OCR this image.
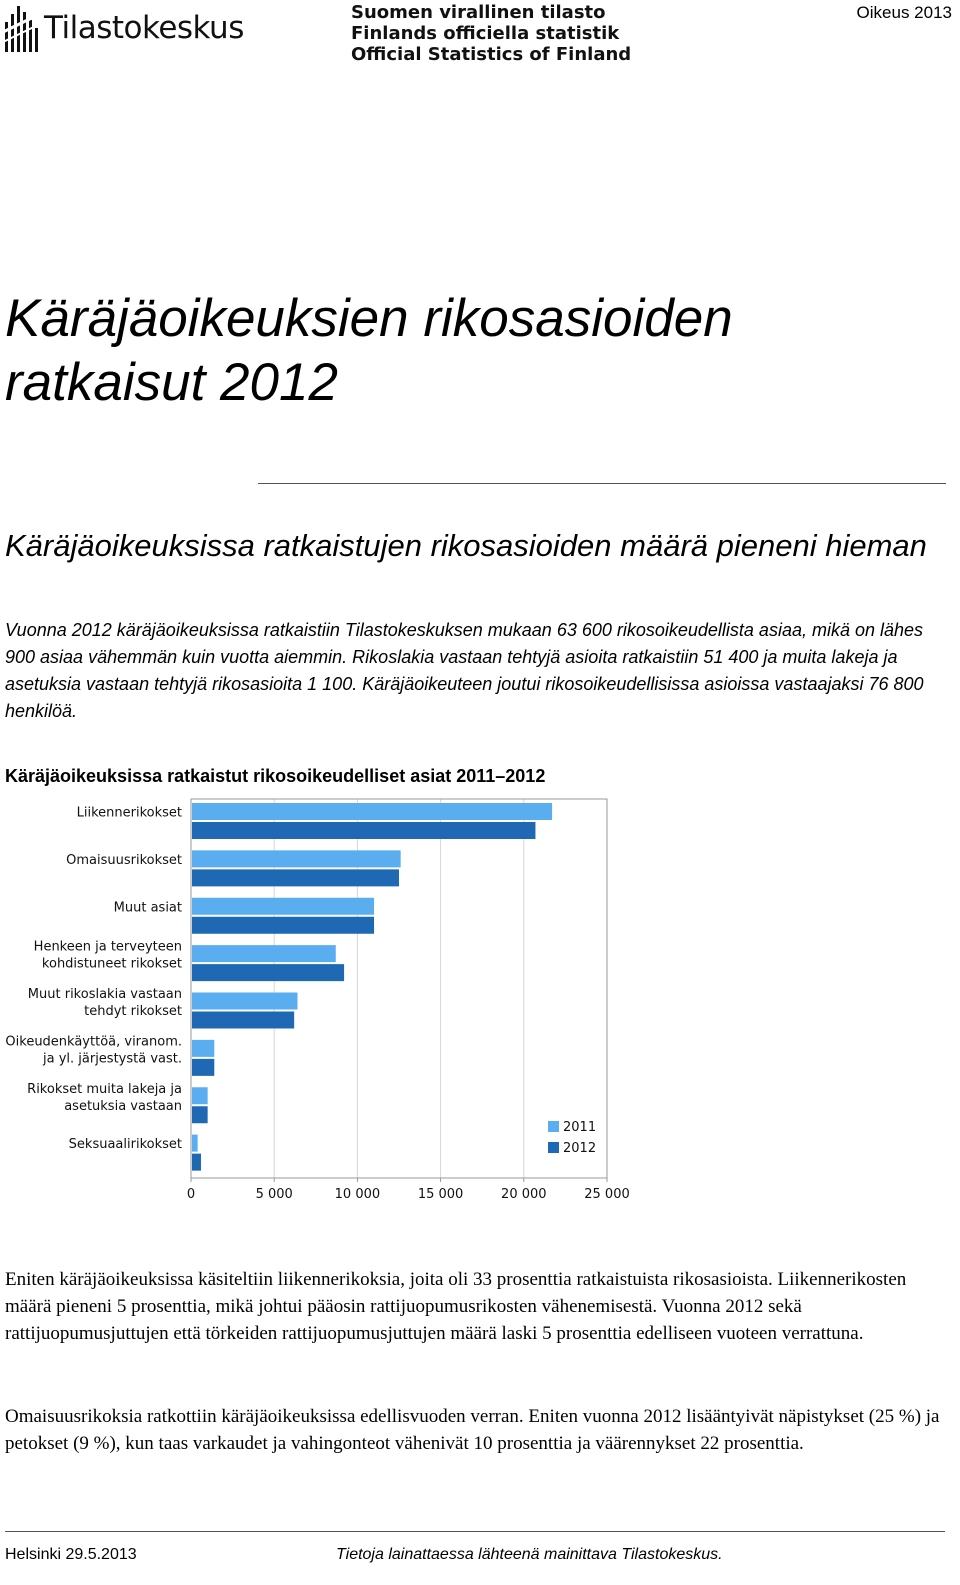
Tilastokeskus	Suomen virallinen tilasto
Finlands officiella statistik
Official Statistics of Finland
Oikeus 2013
Käräjäoikeuksien rikosasioiden ratkaisut 2012
Käräjäoikeuksissa ratkaistujen rikosasioiden määrä pieneni hieman

Vuonna 2012 käräjäoikeuksissa ratkaistiin Tilastokeskuksen mukaan 63 600 rikosoikeudellista asiaa, mikä on lähes 900 asiaa vähemmän kuin vuotta aiemmin. Rikoslakia vastaan tehtyjä asioita ratkaistiin 51 400 ja muita lakeja ja asetuksia vastaan tehtyjä rikosasioita 1 100. Käräjäoikeuteen joutui rikosoikeudellisissa asioissa vastaajaksi 76 800 henkilöä.

Käräjäoikeuksissa ratkaistut rikosoikeudelliset asiat 2011–2012

Liikennerikokset
Omaisuusrikokset
Muut asiat
Henkeen ja terveyteen
kohdistuneet rikokset
Muut rikoslakia vastaan
tehdyt rikokset
Oikeudenkäyttöä, viranom.
ja yl. järjestystä vast.
Rikokset muita lakeja ja
asetuksia vastaan
Seksuaalirikokset
0	5 000	10 000	15 000	20 000	25 000
2011
2012

Eniten käräjäoikeuksissa käsiteltiin liikennerikoksia, joita oli 33 prosenttia ratkaistuista rikosasioista. Liikennerikosten määrä pieneni 5 prosenttia, mikä johtui pääosin rattijuopumusrikosten vähenemisestä. Vuonna 2012 sekä rattijuopumusjuttujen että törkeiden rattijuopumusjuttujen määrä laski 5 prosenttia edelliseen vuoteen verrattuna.

Omaisuusrikoksia ratkottiin käräjäoikeuksissa edellisvuoden verran. Eniten vuonna 2012 lisääntyivät näpistykset (25 %) ja petokset (9 %), kun taas varkaudet ja vahingonteot vähenivät 10 prosenttia ja väärennykset 22 prosenttia.

Helsinki 29.5.2013	Tietoja lainattaessa lähteenä mainittava Tilastokeskus.
